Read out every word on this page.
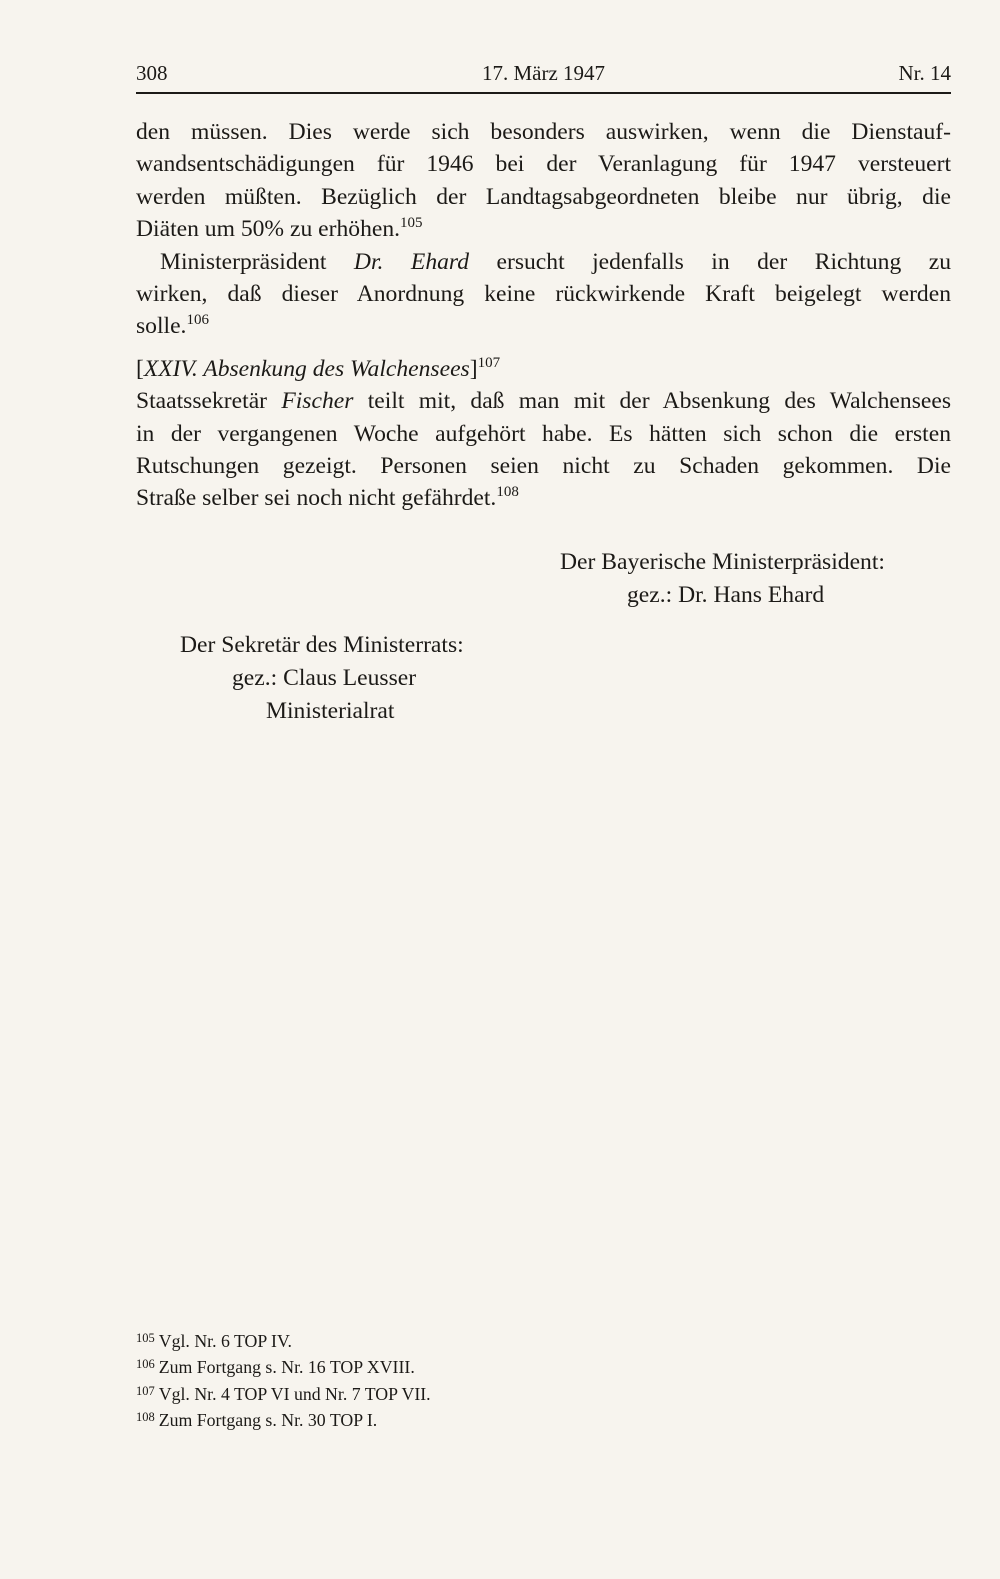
308	17. März 1947	Nr. 14

den müssen. Dies werde sich besonders auswirken, wenn die Dienstauf-
wandsentschädigungen für 1946 bei der Veranlagung für 1947 versteuert
werden müßten. Bezüglich der Landtagsabgeordneten bleibe nur übrig, die
Diäten um 50% zu erhöhen.$^{105}$

Ministerpräsident Dr. Ehard ersucht jedenfalls in der Richtung zu
wirken, daß dieser Anordnung keine rückwirkende Kraft beigelegt werden
solle.$^{106}$

[XXIV. Absenkung des Walchensees]$^{107}$

Staatssekretär Fischer teilt mit, daß man mit der Absenkung des Walchensees
in der vergangenen Woche aufgehört habe. Es hätten sich schon die ersten
Rutschungen gezeigt. Personen seien nicht zu Schaden gekommen. Die
Straße selber sei noch nicht gefährdet.$^{108}$

Der Bayerische Ministerpräsident:
gez.: Dr. Hans Ehard
Der Sekretär des Ministerrats:
gez.: Claus Leusser
Ministerialrat
$^{105}$ Vgl. Nr. 6 TOP IV.
$^{106}$ Zum Fortgang s. Nr. 16 TOP XVIII.
$^{107}$ Vgl. Nr. 4 TOP VI und Nr. 7 TOP VII.
$^{108}$ Zum Fortgang s. Nr. 30 TOP I.
